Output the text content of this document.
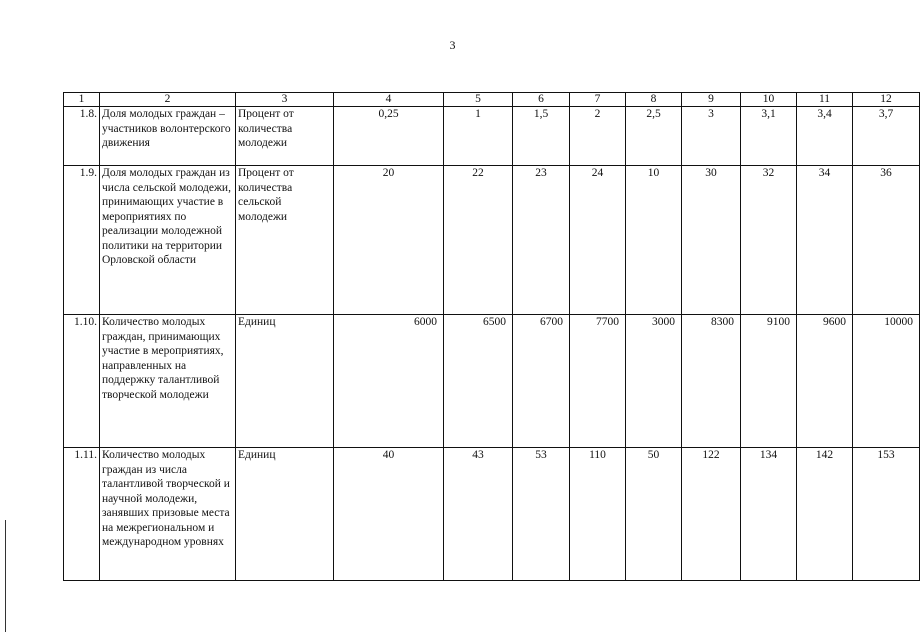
3
1	2	3	4	5	6	7	8	9	10	11	12
1.8.	Доля молодых граждан – участников волонтерского движения	Процент от количества молодежи	0,25	1	1,5	2	2,5	3	3,1	3,4	3,7
1.9.	Доля молодых граждан из числа сельской молодежи, принимающих участие в мероприятиях по реализации молодежной политики на территории Орловской области	Процент от количества сельской молодежи	20	22	23	24	10	30	32	34	36
1.10.	Количество молодых граждан, принимающих участие в мероприятиях, направленных на поддержку талантливой творческой молодежи	Единиц	6000	6500	6700	7700	3000	8300	9100	9600	10000
1.11.	Количество молодых граждан из числа талантливой творческой и научной молодежи, занявших призовые места на межрегиональном и международном уровнях	Единиц	40	43	53	110	50	122	134	142	153
